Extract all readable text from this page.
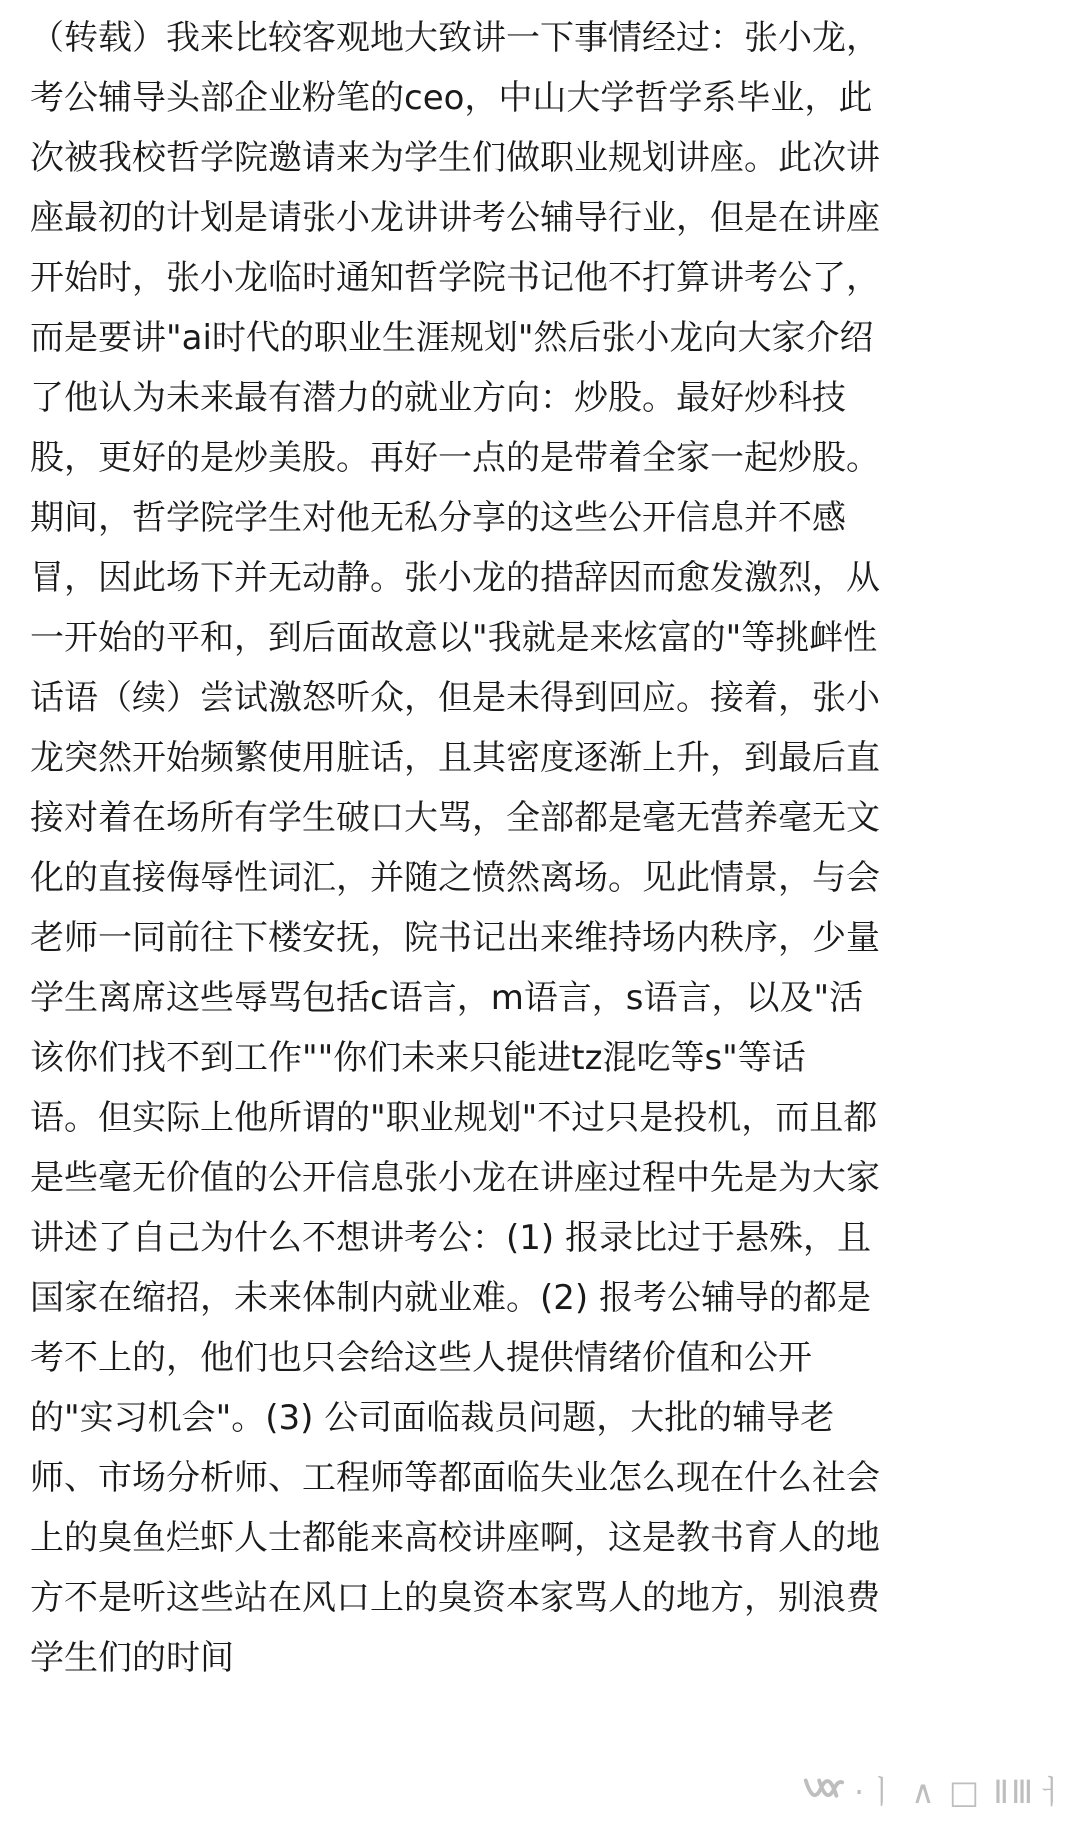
（转载）我来比较客观地大致讲一下事情经过：张小龙，
考公辅导头部企业粉笔的ceo，中山大学哲学系毕业，此
次被我校哲学院邀请来为学生们做职业规划讲座。此次讲
座最初的计划是请张小龙讲讲考公辅导行业，但是在讲座
开始时，张小龙临时通知哲学院书记他不打算讲考公了，
而是要讲"ai时代的职业生涯规划"然后张小龙向大家介绍
了他认为未来最有潜力的就业方向：炒股。最好炒科技
股，更好的是炒美股。再好一点的是带着全家一起炒股。
期间，哲学院学生对他无私分享的这些公开信息并不感
冒，因此场下并无动静。张小龙的措辞因而愈发激烈，从
一开始的平和，到后面故意以"我就是来炫富的"等挑衅性
话语（续）尝试激怒听众，但是未得到回应。接着，张小
龙突然开始频繁使用脏话，且其密度逐渐上升，到最后直
接对着在场所有学生破口大骂，全部都是毫无营养毫无文
化的直接侮辱性词汇，并随之愤然离场。见此情景，与会
老师一同前往下楼安抚，院书记出来维持场内秩序，少量
学生离席这些辱骂包括c语言，m语言，s语言，以及"活
该你们找不到工作""你们未来只能进tz混吃等s"等话
语。但实际上他所谓的"职业规划"不过只是投机，而且都
是些毫无价值的公开信息张小龙在讲座过程中先是为大家
讲述了自己为什么不想讲考公：(1) 报录比过于悬殊，且
国家在缩招，未来体制内就业难。(2) 报考公辅导的都是
考不上的，他们也只会给这些人提供情绪价值和公开
的"实习机会"。(3) 公司面临裁员问题，大批的辅导老
师、市场分析师、工程师等都面临失业怎么现在什么社会
上的臭鱼烂虾人士都能来高校讲座啊，这是教书育人的地
方不是听这些站在风口上的臭资本家骂人的地方，别浪费
学生们的时间
·ㅣ ∧ □ ⅡⅢㅓ
